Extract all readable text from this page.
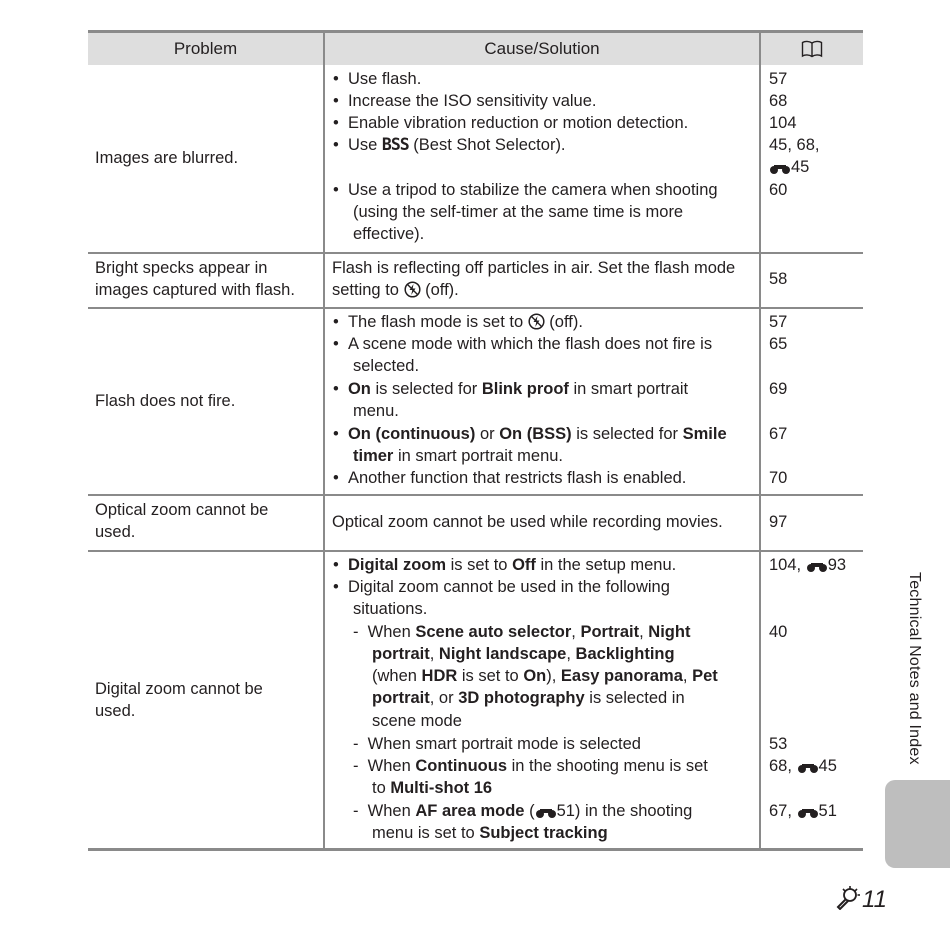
Problem	Cause/Solution
Images are blurred.
•  Use flash.
•  Increase the ISO sensitivity value.
•  Enable vibration reduction or motion detection.
•  Use BSS (Best Shot Selector).
•  Use a tripod to stabilize the camera when shooting
(using the self-timer at the same time is more
effective).
57
68
104
45, 68,
45
60
Bright specks appear in
images captured with flash.
Flash is reflecting off particles in air. Set the flash mode
setting to  (off).
58
Flash does not fire.
•  The flash mode is set to  (off).
•  A scene mode with which the flash does not fire is
selected.
•  On is selected for Blink proof in smart portrait
menu.
•  On (continuous) or On (BSS) is selected for Smile
timer in smart portrait menu.
•  Another function that restricts flash is enabled.
57
65
69
67
70
Optical zoom cannot be
used.
Optical zoom cannot be used while recording movies.	97
Digital zoom cannot be
used.
•  Digital zoom is set to Off in the setup menu.
•  Digital zoom cannot be used in the following
situations.
-  When Scene auto selector, Portrait, Night
portrait, Night landscape, Backlighting
(when HDR is set to On), Easy panorama, Pet
portrait, or 3D photography is selected in
scene mode
-  When smart portrait mode is selected
-  When Continuous in the shooting menu is set
to Multi-shot 16
-  When AF area mode ( 51) in the shooting
menu is set to Subject tracking
104, 93
40
53
68, 45
67, 51
Technical Notes and Index
11
